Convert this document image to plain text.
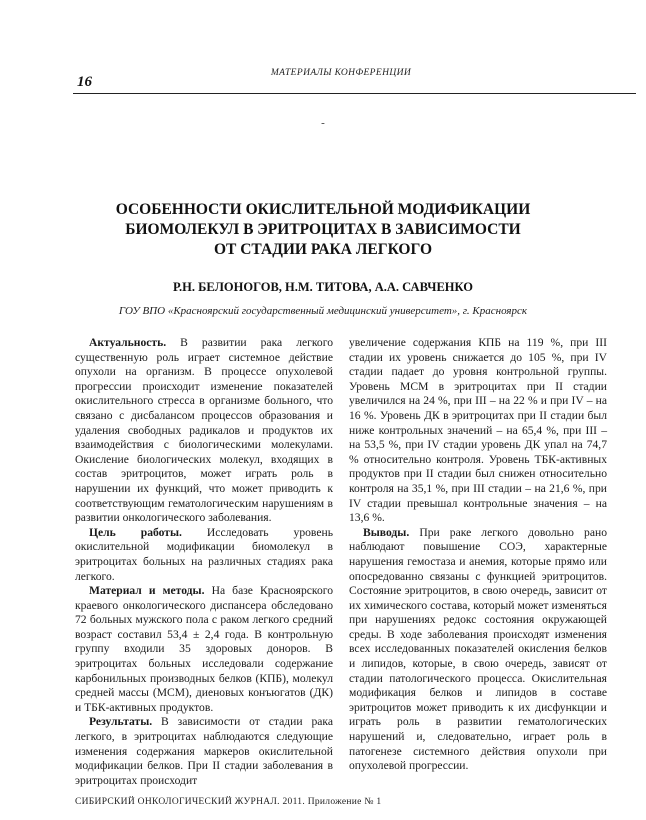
МАТЕРИАЛЫ КОНФЕРЕНЦИИ
16
-
ОСОБЕННОСТИ ОКИСЛИТЕЛЬНОЙ МОДИФИКАЦИИ
БИОМОЛЕКУЛ В ЭРИТРОЦИТАХ В ЗАВИСИМОСТИ
ОТ СТАДИИ РАКА ЛЕГКОГО
Р.Н. БЕЛОНОГОВ, Н.М. ТИТОВА, А.А. САВЧЕНКО
ГОУ ВПО «Красноярский государственный медицинский университет», г. Красноярск

Актуальность. В развитии рака легкого существенную роль играет системное действие опухоли на организм. В процессе опухолевой прогрессии происходит изменение показателей окислительного стресса в организме больного, что связано с дисбалансом процессов образования и удаления свободных радикалов и продуктов их взаимодействия с биологическими молекулами. Окисление биологических молекул, входящих в состав эритроцитов, может играть роль в нарушении их функций, что может приводить к соответствующим гематологическим нарушениям в развитии онкологического заболевания.

Цель работы. Исследовать уровень окислительной модификации биомолекул в эритроцитах больных на различных стадиях рака легкого.

Материал и методы. На базе Красноярского краевого онкологического диспансера обследовано 72 больных мужского пола с раком легкого средний возраст составил 53,4 ± 2,4 года. В контрольную группу входили 35 здоровых доноров. В эритроцитах больных исследовали содержание карбонильных производных белков (КПБ), молекул средней массы (МСМ), диеновых конъюгатов (ДК) и ТБК-активных продуктов.

Результаты. В зависимости от стадии рака легкого, в эритроцитах наблюдаются следующие изменения содержания маркеров окислительной модификации белков. При II стадии заболевания в эритроцитах происходит

увеличение содержания КПБ на 119 %, при III стадии их уровень снижается до 105 %, при IV стадии падает до уровня контрольной группы. Уровень МСМ в эритроцитах при II стадии увеличился на 24 %, при III – на 22 % и при IV – на 16 %. Уровень ДК в эритроцитах при II стадии был ниже контрольных значений – на 65,4 %, при III – на 53,5 %, при IV стадии уровень ДК упал на 74,7 % относительно контроля. Уровень ТБК-активных продуктов при II стадии был снижен относительно контроля на 35,1 %, при III стадии – на 21,6 %, при IV стадии превышал контрольные значения – на 13,6 %.

Выводы. При раке легкого довольно рано наблюдают повышение СОЭ, характерные нарушения гемостаза и анемия, которые прямо или опосредованно связаны с функцией эритроцитов. Состояние эритроцитов, в свою очередь, зависит от их химического состава, который может изменяться при нарушениях редокс состояния окружающей среды. В ходе заболевания происходят изменения всех исследованных показателей окисления белков и липидов, которые, в свою очередь, зависят от стадии патологического процесса. Окислительная модификация белков и липидов в составе эритроцитов может приводить к их дисфункции и играть роль в развитии гематологических нарушений и, следовательно, играет роль в патогенезе системного действия опухоли при опухолевой прогрессии.

СИБИРСКИЙ ОНКОЛОГИЧЕСКИЙ ЖУРНАЛ. 2011. Приложение № 1
